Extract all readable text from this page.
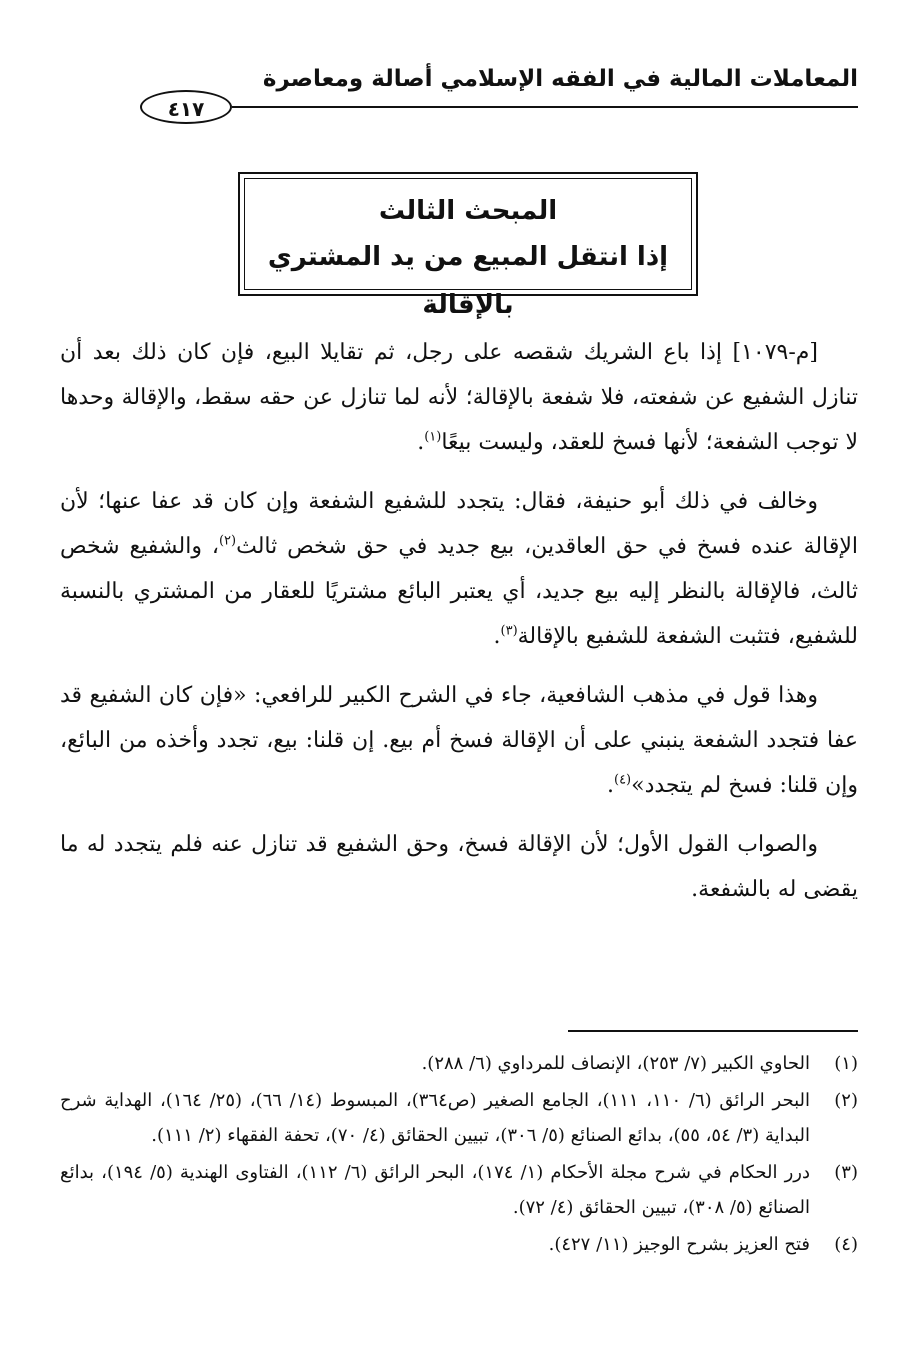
المعاملات المالية في الفقه الإسلامي أصالة ومعاصرة
٤١٧
المبحث الثالث
إذا انتقل المبيع من يد المشتري بالإقالة

[م-١٠٧٩] إذا باع الشريك شقصه على رجل، ثم تقايلا البيع، فإن كان ذلك بعد أن تنازل الشفيع عن شفعته، فلا شفعة بالإقالة؛ لأنه لما تنازل عن حقه سقط، والإقالة وحدها لا توجب الشفعة؛ لأنها فسخ للعقد، وليست بيعًا$^{(١)}$.

وخالف في ذلك أبو حنيفة، فقال: يتجدد للشفيع الشفعة وإن كان قد عفا عنها؛ لأن الإقالة عنده فسخ في حق العاقدين، بيع جديد في حق شخص ثالث$^{(٢)}$، والشفيع شخص ثالث، فالإقالة بالنظر إليه بيع جديد، أي يعتبر البائع مشتريًا للعقار من المشتري بالنسبة للشفيع، فتثبت الشفعة للشفيع بالإقالة$^{(٣)}$.

وهذا قول في مذهب الشافعية، جاء في الشرح الكبير للرافعي: «فإن كان الشفيع قد عفا فتجدد الشفعة ينبني على أن الإقالة فسخ أم بيع. إن قلنا: بيع، تجدد وأخذه من البائع، وإن قلنا: فسخ لم يتجدد»$^{(٤)}$.

والصواب القول الأول؛ لأن الإقالة فسخ، وحق الشفيع قد تنازل عنه فلم يتجدد له ما يقضى له بالشفعة.

(١)
الحاوي الكبير (٧/ ٢٥٣)، الإنصاف للمرداوي (٦/ ٢٨٨).
(٢)
البحر الرائق (٦/ ١١٠، ١١١)، الجامع الصغير (ص٣٦٤)، المبسوط (١٤/ ٦٦)، (٢٥/ ١٦٤)، الهداية شرح البداية (٣/ ٥٤، ٥٥)، بدائع الصنائع (٥/ ٣٠٦)، تبيين الحقائق (٤/ ٧٠)، تحفة الفقهاء (٢/ ١١١).
(٣)
درر الحكام في شرح مجلة الأحكام (١/ ١٧٤)، البحر الرائق (٦/ ١١٢)، الفتاوى الهندية (٥/ ١٩٤)، بدائع الصنائع (٥/ ٣٠٨)، تبيين الحقائق (٤/ ٧٢).
(٤)
فتح العزيز بشرح الوجيز (١١/ ٤٢٧).
